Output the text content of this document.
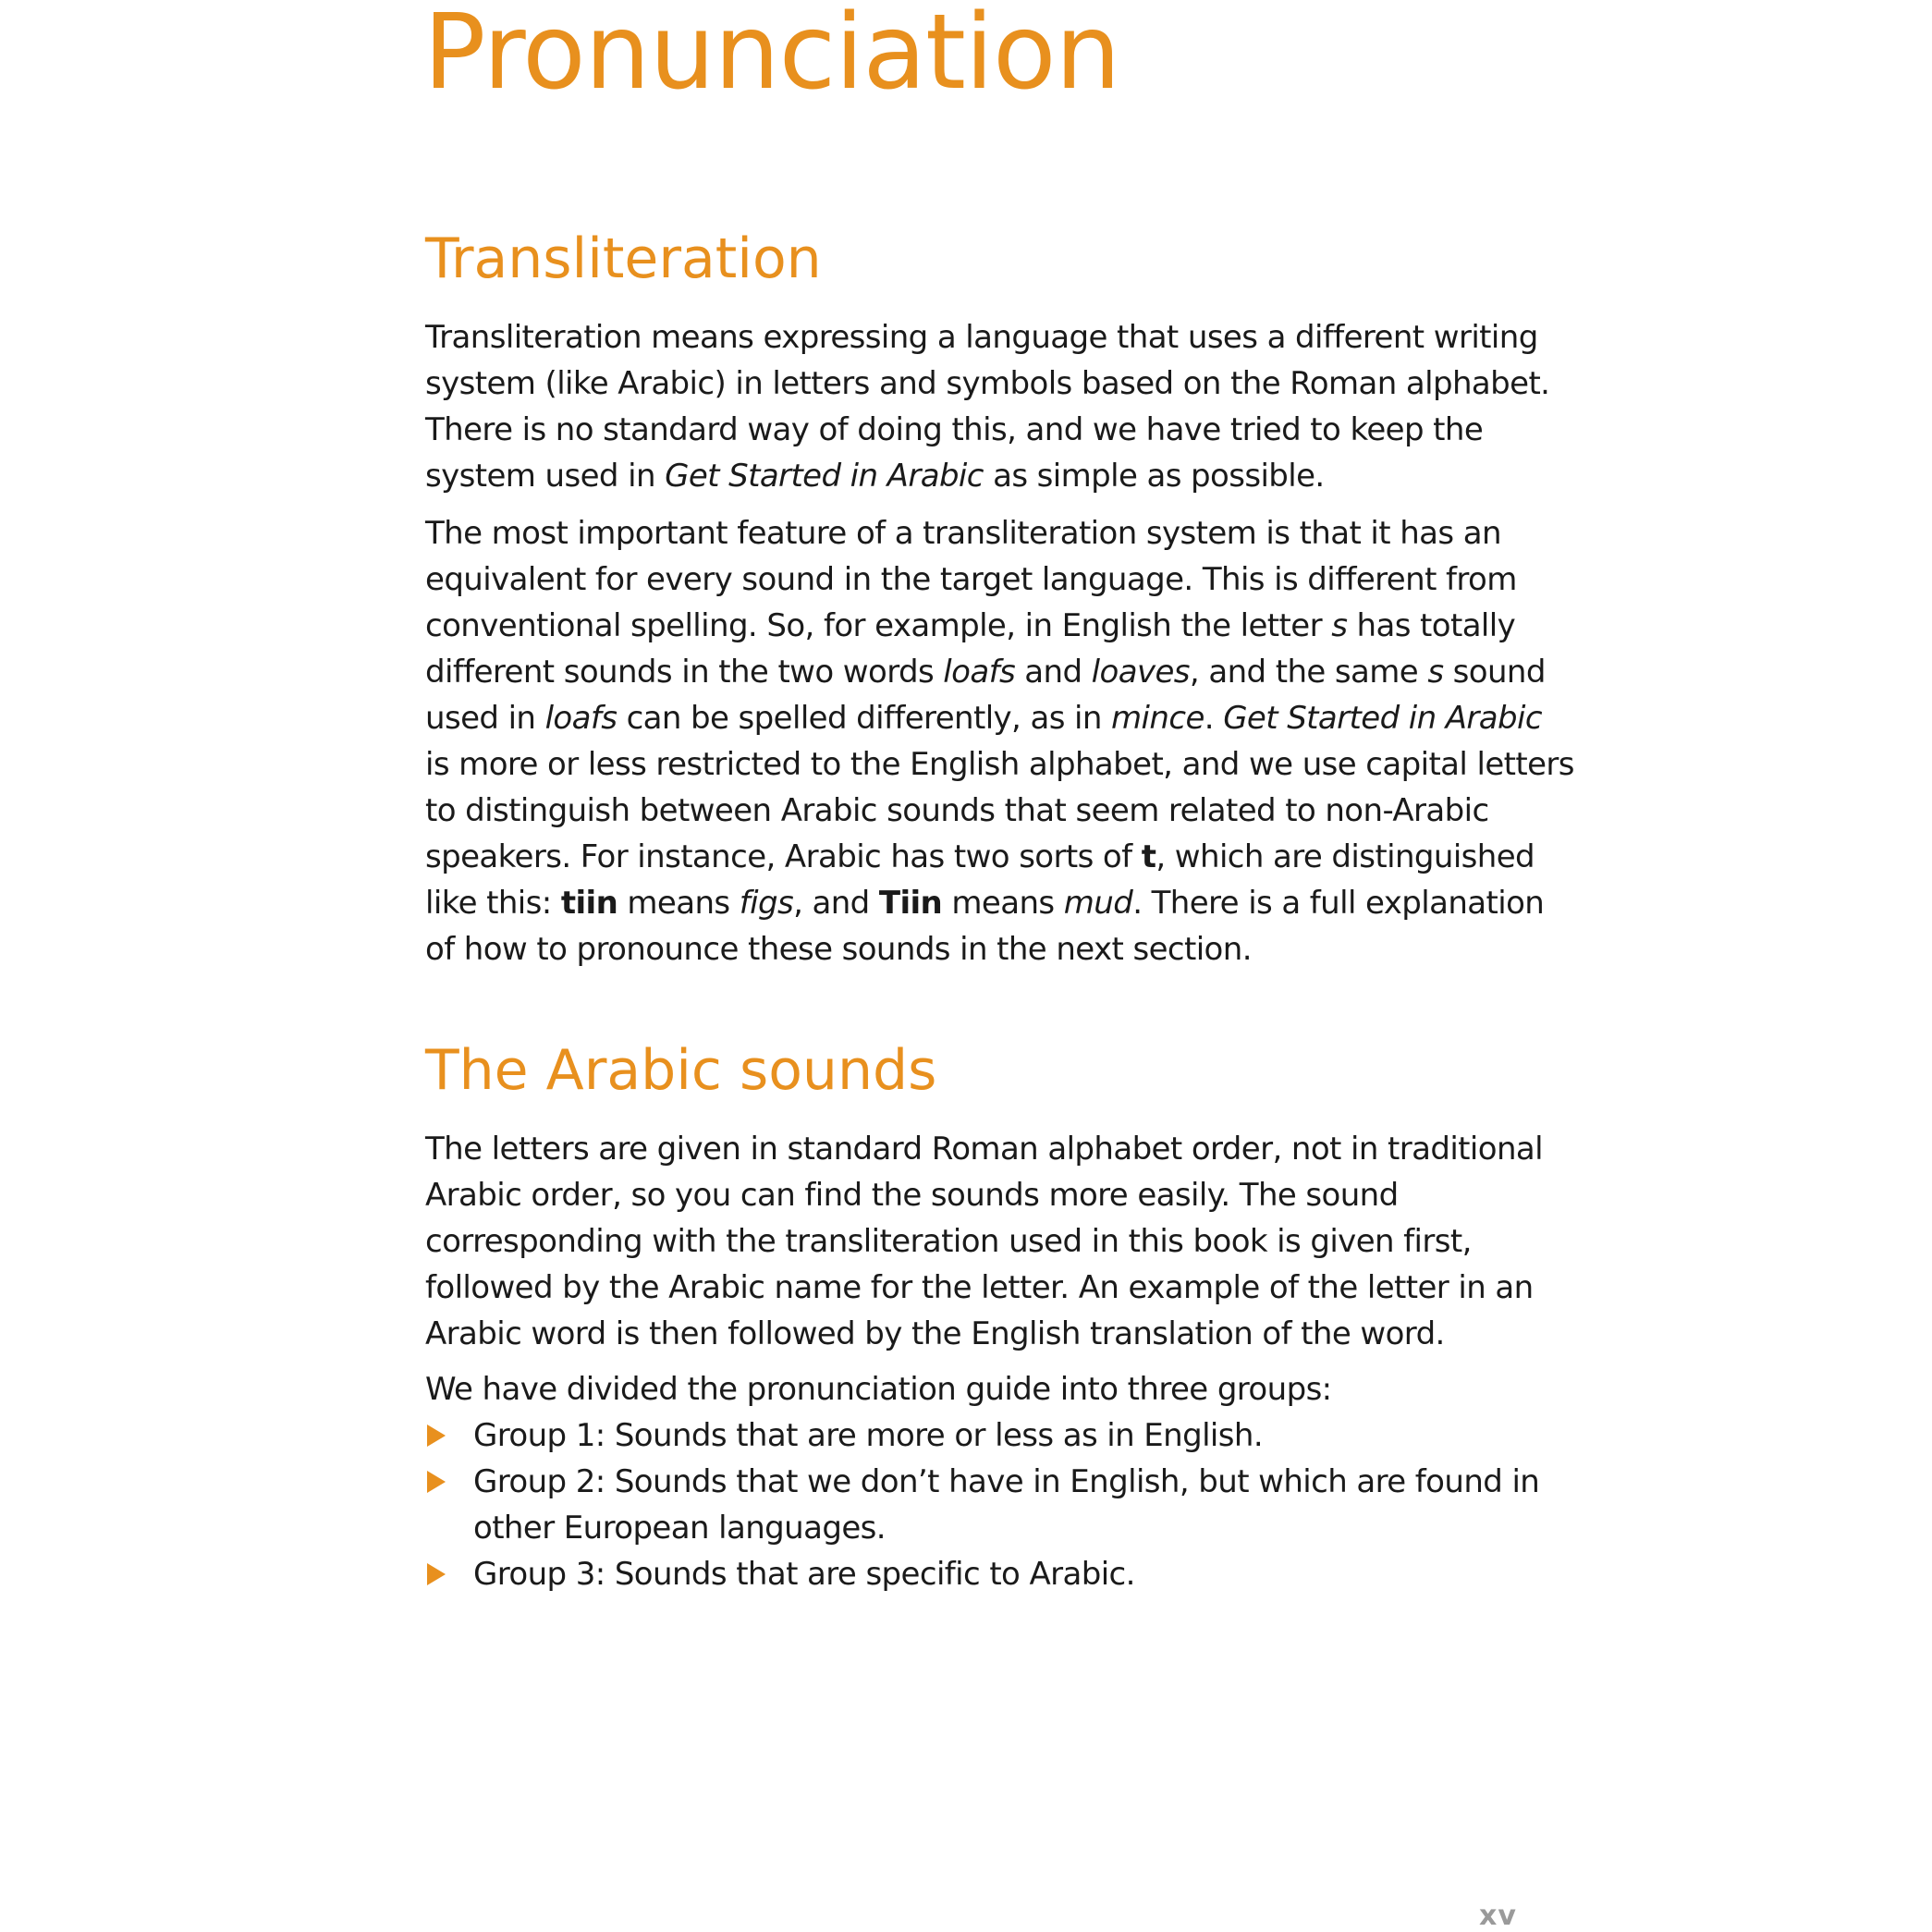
Pronunciation
Transliteration
Transliteration means expressing a language that uses a different writing
system (like Arabic) in letters and symbols based on the Roman alphabet.
There is no standard way of doing this, and we have tried to keep the
system used in Get Started in Arabic as simple as possible.
The most important feature of a transliteration system is that it has an
equivalent for every sound in the target language. This is different from
conventional spelling. So, for example, in English the letter s has totally
different sounds in the two words loafs and loaves, and the same s sound
used in loafs can be spelled differently, as in mince. Get Started in Arabic
is more or less restricted to the English alphabet, and we use capital letters
to distinguish between Arabic sounds that seem related to non-Arabic
speakers. For instance, Arabic has two sorts of t, which are distinguished
like this: tiin means figs, and Tiin means mud. There is a full explanation
of how to pronounce these sounds in the next section.
The Arabic sounds
The letters are given in standard Roman alphabet order, not in traditional
Arabic order, so you can find the sounds more easily. The sound
corresponding with the transliteration used in this book is given first,
followed by the Arabic name for the letter. An example of the letter in an
Arabic word is then followed by the English translation of the word.
We have divided the pronunciation guide into three groups:
Group 1: Sounds that are more or less as in English.
Group 2: Sounds that we don’t have in English, but which are found in
other European languages.
Group 3: Sounds that are specific to Arabic.
xv
